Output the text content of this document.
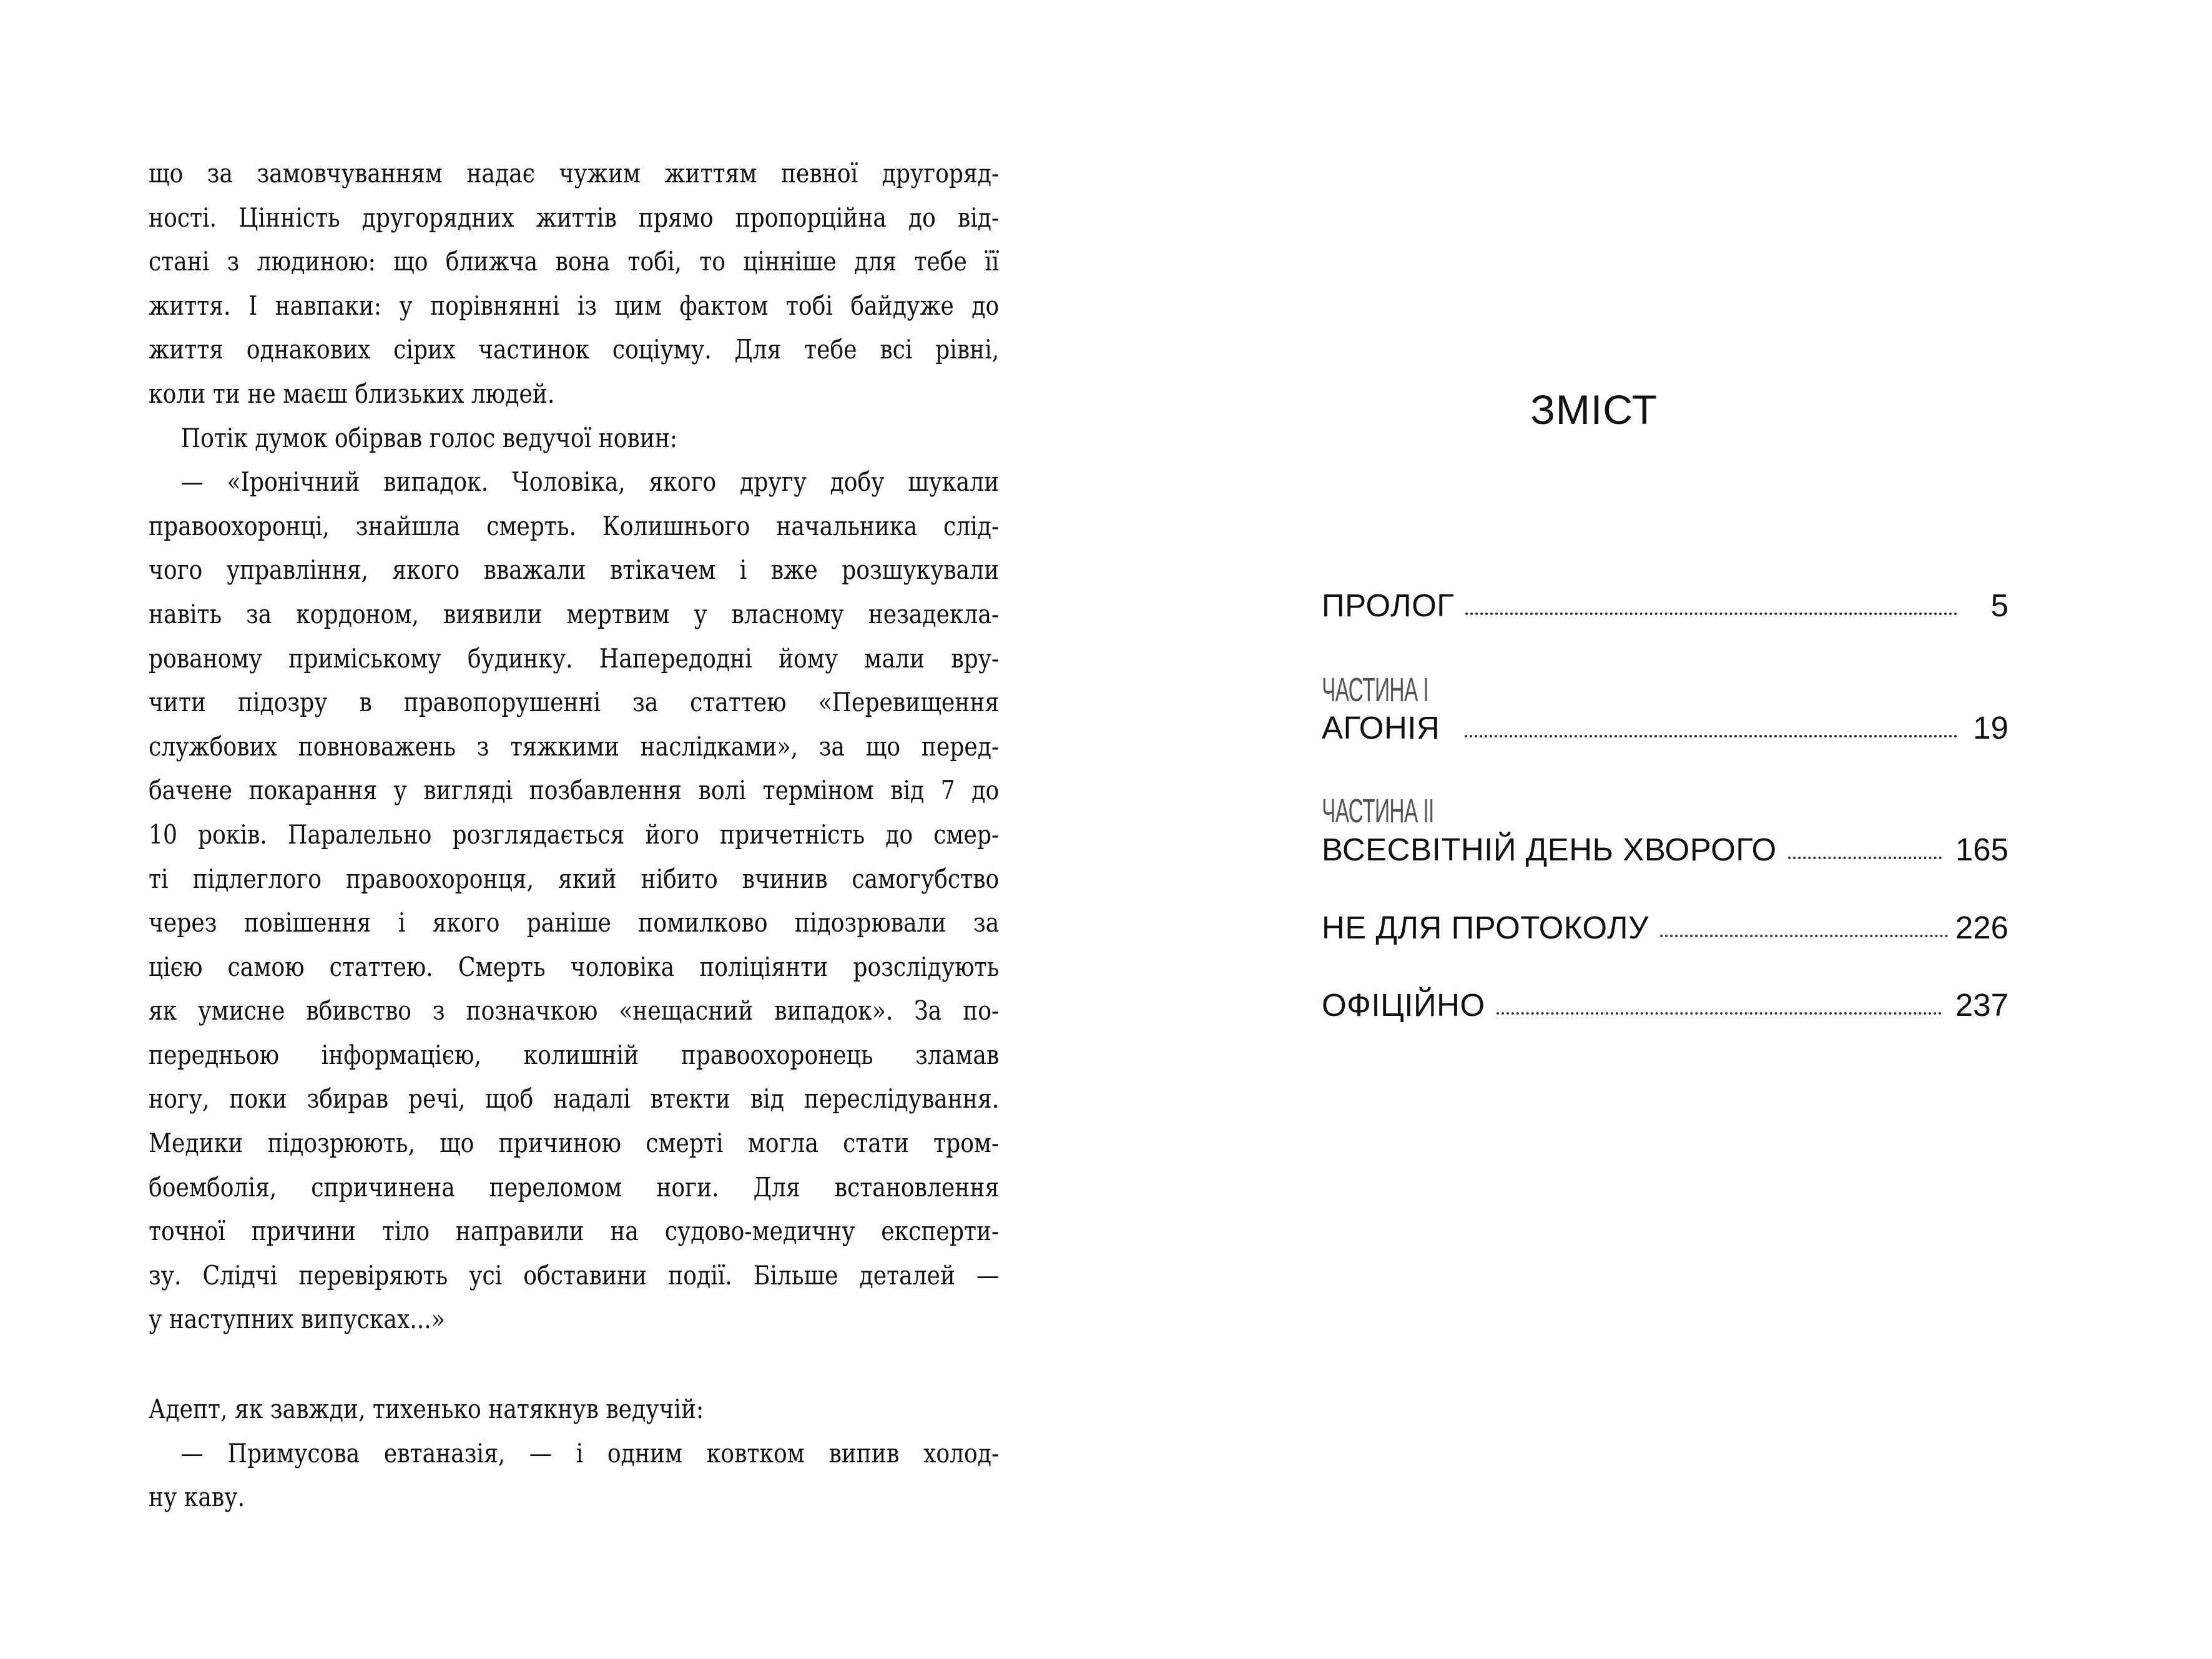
що за замовчуванням надає чужим життям певної другоряд-
ності. Цінність другорядних життів прямо пропорційна до від-
стані з людиною: що ближча вона тобі, то цінніше для тебе її
життя. І навпаки: у порівнянні із цим фактом тобі байдуже до
життя однакових сірих частинок соціуму. Для тебе всі рівні,
коли ти не маєш близьких людей.
Потік думок обірвав голос ведучої новин:
— «Іронічний випадок. Чоловіка, якого другу добу шукали
правоохоронці, знайшла смерть. Колишнього начальника слід-
чого управління, якого вважали втікачем і вже розшукували
навіть за кордоном, виявили мертвим у власному незадекла-
рованому приміському будинку. Напередодні йому мали вру-
чити підозру в правопорушенні за статтею «Перевищення
службових повноважень з тяжкими наслідками», за що перед-
бачене покарання у вигляді позбавлення волі терміном від 7 до
10 років. Паралельно розглядається його причетність до смер-
ті підлеглого правоохоронця, який нібито вчинив самогубство
через повішення і якого раніше помилково підозрювали за
цією самою статтею. Смерть чоловіка поліціянти розслідують
як умисне вбивство з позначкою «нещасний випадок». За по-
передньою інформацією, колишній правоохоронець зламав
ногу, поки збирав речі, щоб надалі втекти від переслідування.
Медики підозрюють, що причиною смерті могла стати тром-
боемболія, спричинена переломом ноги. Для встановлення
точної причини тіло направили на судово-медичну експерти-
зу. Слідчі перевіряють усі обставини події. Більше деталей —
у наступних випусках...»
Адепт, як завжди, тихенько натякнув ведучій:
— Примусова евтаназія, — і одним ковтком випив холод-
ну каву.
ЗМІСТ
ПРОЛОГ	5
ЧАСТИНА І
АГОНІЯ	19
ЧАСТИНА ІІ
ВСЕСВІТНІЙ ДЕНЬ ХВОРОГО	165
НЕ ДЛЯ ПРОТОКОЛУ	226
ОФІЦІЙНО	237
